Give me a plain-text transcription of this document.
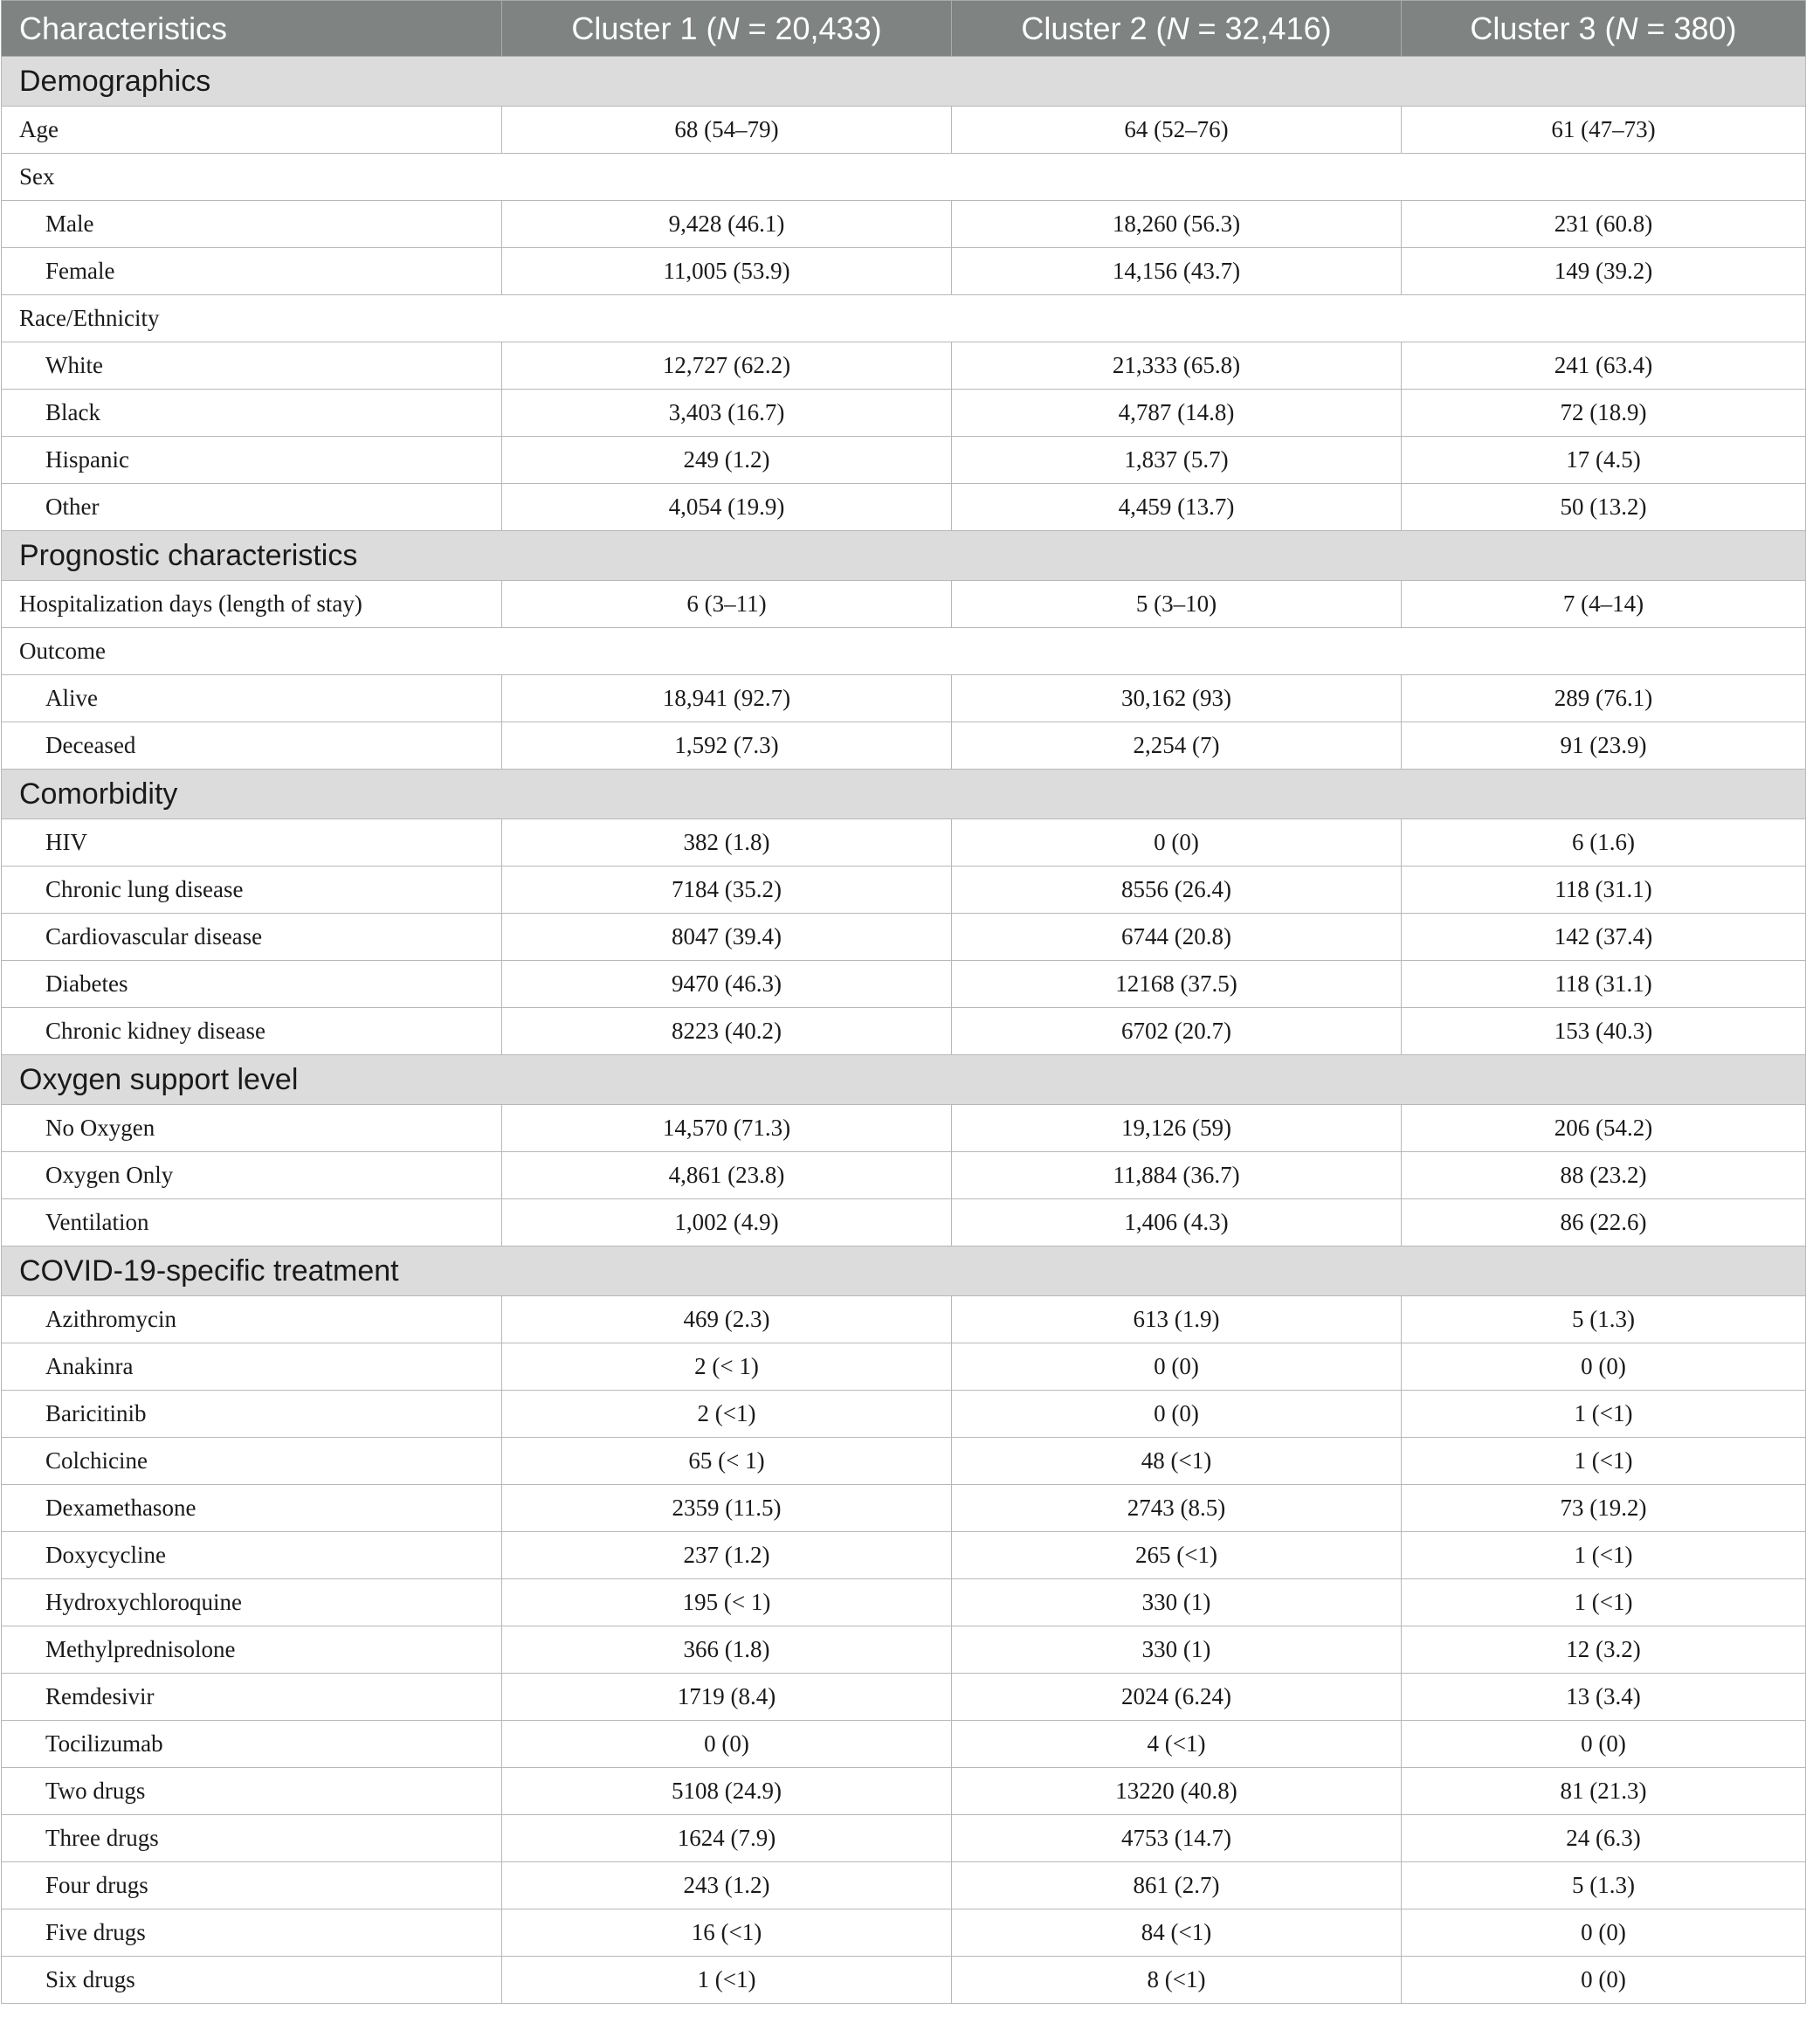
Characteristics	Cluster 1 (N = 20,433)	Cluster 2 (N = 32,416)	Cluster 3 (N = 380)
Demographics			
Age	68 (54–79)	64 (52–76)	61 (47–73)
Sex			
Male	9,428 (46.1)	18,260 (56.3)	231 (60.8)
Female	11,005 (53.9)	14,156 (43.7)	149 (39.2)
Race/Ethnicity			
White	12,727 (62.2)	21,333 (65.8)	241 (63.4)
Black	3,403 (16.7)	4,787 (14.8)	72 (18.9)
Hispanic	249 (1.2)	1,837 (5.7)	17 (4.5)
Other	4,054 (19.9)	4,459 (13.7)	50 (13.2)
Prognostic characteristics			
Hospitalization days (length of stay)	6 (3–11)	5 (3–10)	7 (4–14)
Outcome			
Alive	18,941 (92.7)	30,162 (93)	289 (76.1)
Deceased	1,592 (7.3)	2,254 (7)	91 (23.9)
Comorbidity			
HIV	382 (1.8)	0 (0)	6 (1.6)
Chronic lung disease	7184 (35.2)	8556 (26.4)	118 (31.1)
Cardiovascular disease	8047 (39.4)	6744 (20.8)	142 (37.4)
Diabetes	9470 (46.3)	12168 (37.5)	118 (31.1)
Chronic kidney disease	8223 (40.2)	6702 (20.7)	153 (40.3)
Oxygen support level			
No Oxygen	14,570 (71.3)	19,126 (59)	206 (54.2)
Oxygen Only	4,861 (23.8)	11,884 (36.7)	88 (23.2)
Ventilation	1,002 (4.9)	1,406 (4.3)	86 (22.6)
COVID-19-specific treatment			
Azithromycin	469 (2.3)	613 (1.9)	5 (1.3)
Anakinra	2 (< 1)	0 (0)	0 (0)
Baricitinib	2 (<1)	0 (0)	1 (<1)
Colchicine	65 (< 1)	48 (<1)	1 (<1)
Dexamethasone	2359 (11.5)	2743 (8.5)	73 (19.2)
Doxycycline	237 (1.2)	265 (<1)	1 (<1)
Hydroxychloroquine	195 (< 1)	330 (1)	1 (<1)
Methylprednisolone	366 (1.8)	330 (1)	12 (3.2)
Remdesivir	1719 (8.4)	2024 (6.24)	13 (3.4)
Tocilizumab	0 (0)	4 (<1)	0 (0)
Two drugs	5108 (24.9)	13220 (40.8)	81 (21.3)
Three drugs	1624 (7.9)	4753 (14.7)	24 (6.3)
Four drugs	243 (1.2)	861 (2.7)	5 (1.3)
Five drugs	16 (<1)	84 (<1)	0 (0)
Six drugs	1 (<1)	8 (<1)	0 (0)
